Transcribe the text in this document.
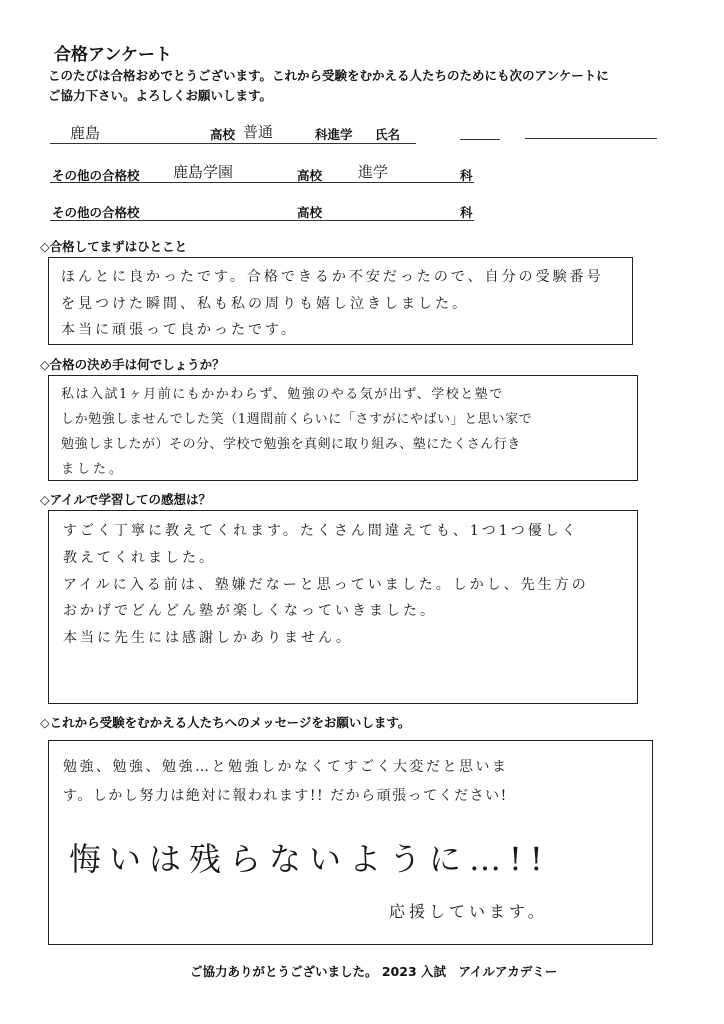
合格アンケート
このたびは合格おめでとうございます。これから受験をむかえる人たちのためにも次のアンケートに
ご協力下さい。よろしくお願いします。
鹿島	高校 普通	科進学 氏名
その他の合格校 鹿島学園	高校 進学	科
その他の合格校	高校	科
◇合格してまずはひとこと
ほんとに良かったです。合格できるか不安だったので、自分の受験番号
を見つけた瞬間、私も私の周りも嬉し泣きしました。
本当に頑張って良かったです。
◇合格の決め手は何でしょうか？
私は入試1ヶ月前にもかかわらず、勉強のやる気が出ず、学校と塾で
しか勉強しませんでした笑（1週間前くらいに「さすがにやばい」と思い家で
勉強しましたが）その分、学校で勉強を真剣に取り組み、塾にたくさん行き
ました。
◇アイルで学習しての感想は？
すごく丁寧に教えてくれます。たくさん間違えても、1つ1つ優しく
教えてくれました。
アイルに入る前は、塾嫌だなーと思っていました。しかし、先生方の
おかげでどんどん塾が楽しくなっていきました。
本当に先生には感謝しかありません。
◇これから受験をむかえる人たちへのメッセージをお願いします。
勉強、勉強、勉強…と勉強しかなくてすごく大変だと思いま
す。しかし努力は絶対に報われます!! だから頑張ってください!
悔いは残らないように…!!
応援しています。
ご協力ありがとうございました。 2023 入試　アイルアカデミー
